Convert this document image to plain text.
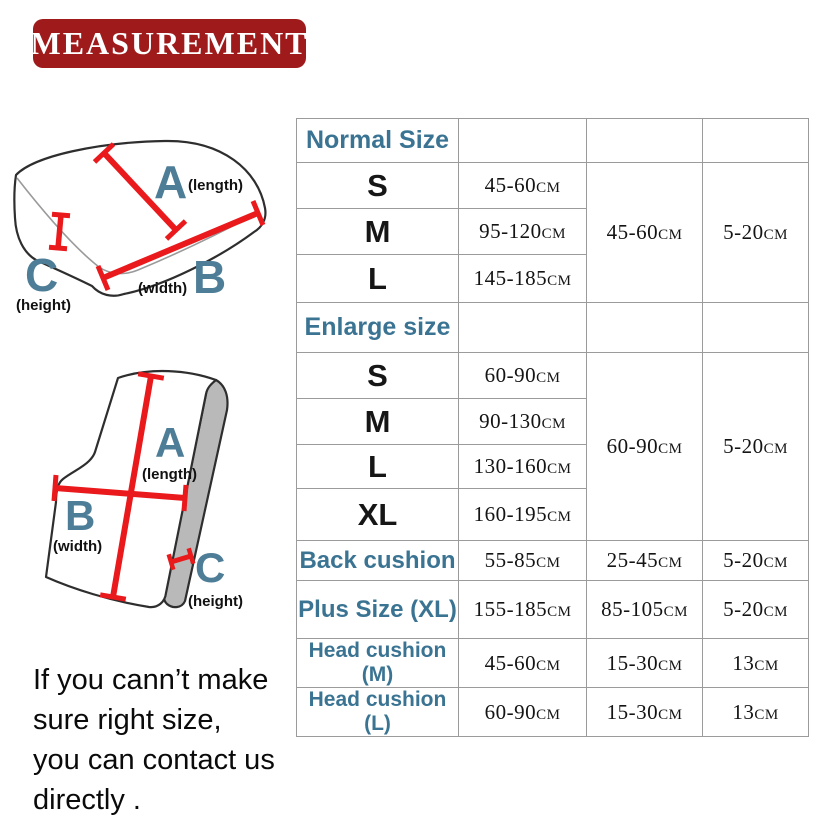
MEASUREMENT
A (length)
B
(width)
C
(height)
A
(length)
B
(width) C
(height)
Normal Size	Length(A)	Width(B)	Height(C)
S	45-60CM	45-60CM	5-20CM
M	95-120CM		
L	145-185CM		
Enlarge size	Length(A)	Width(B)	Height(C)
S	60-90CM	60-90CM	5-20CM
M	90-130CM		
L	130-160CM		
XL	160-195CM		
Back cushion	55-85CM	25-45CM	5-20CM
Plus Size (XL)	155-185CM	85-105CM	5-20CM
Head cushion (M)	45-60CM	15-30CM	13CM
Head cushion (L)	60-90CM	15-30CM	13CM
If you cann’t make
sure right size,
you can contact us
directly .
